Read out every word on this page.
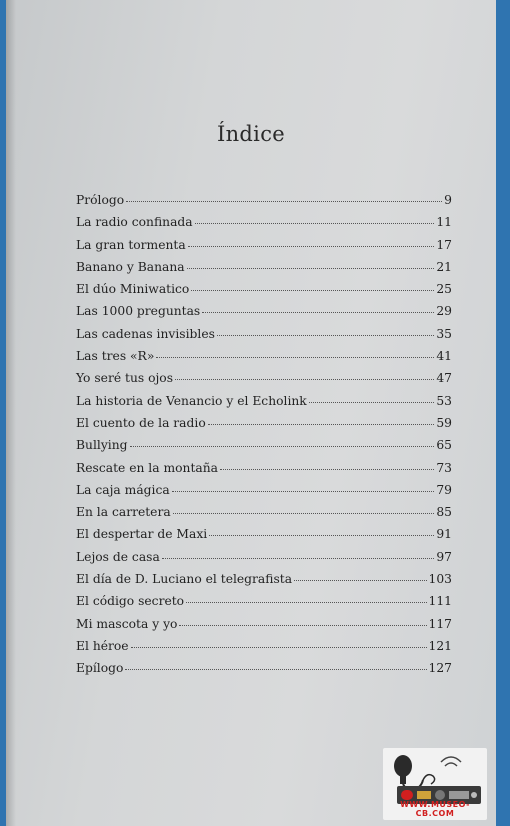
Índice
Prólogo	9
La radio confinada	11
La gran tormenta	17
Banano y Banana	21
El dúo Miniwatico	25
Las 1000 preguntas	29
Las cadenas invisibles	35
Las tres «R»	41
Yo seré tus ojos	47
La historia de Venancio y el Echolink	53
El cuento de la radio	59
Bullying	65
Rescate en la montaña	73
La caja mágica	79
En la carretera	85
El despertar de Maxi	91
Lejos de casa	97
El día de D. Luciano el telegrafista	103
El código secreto	111
Mi mascota y yo	117
El héroe	121
Epílogo	127
WWW.MUSEO-CB.COM
